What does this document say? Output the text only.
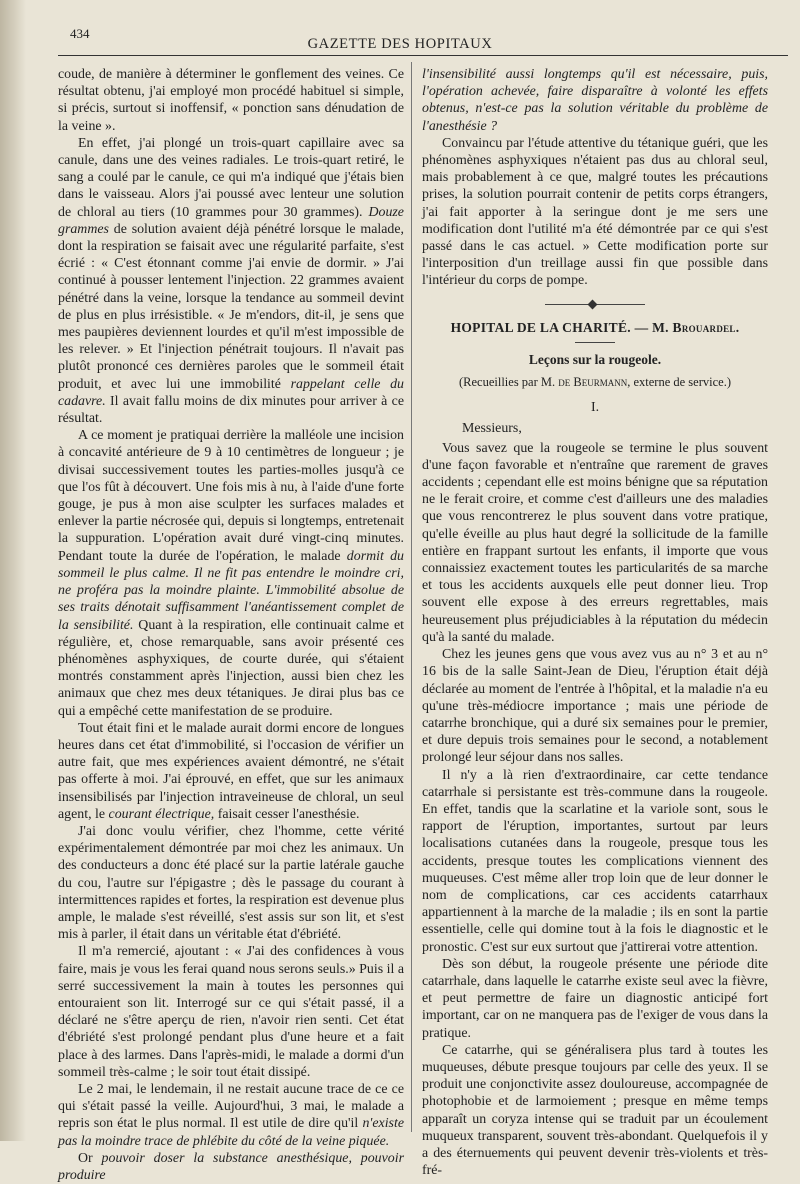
434
GAZETTE DES HOPITAUX

coude, de manière à déterminer le gonflement des veines. Ce résultat obtenu, j'ai employé mon procédé habituel si simple, si précis, surtout si inoffensif, « ponction sans dénudation de la veine ».

En effet, j'ai plongé un trois-quart capillaire avec sa canule, dans une des veines radiales. Le trois-quart retiré, le sang a coulé par le canule, ce qui m'a indiqué que j'étais bien dans le vaisseau. Alors j'ai poussé avec lenteur une solution de chloral au tiers (10 grammes pour 30 grammes). Douze grammes de solution avaient déjà pénétré lorsque le malade, dont la respiration se faisait avec une régularité parfaite, s'est écrié : « C'est étonnant comme j'ai envie de dormir. » J'ai continué à pousser lentement l'injection. 22 grammes avaient pénétré dans la veine, lorsque la tendance au sommeil devint de plus en plus irrésistible. « Je m'endors, dit-il, je sens que mes paupières deviennent lourdes et qu'il m'est impossible de les relever. » Et l'injection pénétrait toujours. Il n'avait pas plutôt prononcé ces dernières paroles que le sommeil était produit, et avec lui une immobilité rappelant celle du cadavre. Il avait fallu moins de dix minutes pour arriver à ce résultat.

A ce moment je pratiquai derrière la malléole une incision à concavité antérieure de 9 à 10 centimètres de longueur ; je divisai successivement toutes les parties-molles jusqu'à ce que l'os fût à découvert. Une fois mis à nu, à l'aide d'une forte gouge, je pus à mon aise sculpter les surfaces malades et enlever la partie nécrosée qui, depuis si longtemps, entretenait la suppuration. L'opération avait duré vingt-cinq minutes. Pendant toute la durée de l'opération, le malade dormit du sommeil le plus calme. Il ne fit pas entendre le moindre cri, ne proféra pas la moindre plainte. L'immobilité absolue de ses traits dénotait suffisamment l'anéantissement complet de la sensibilité. Quant à la respiration, elle continuait calme et régulière, et, chose remarquable, sans avoir présenté ces phénomènes asphyxiques, de courte durée, qui s'étaient montrés constamment après l'injection, aussi bien chez les animaux que chez mes deux tétaniques. Je dirai plus bas ce qui a empêché cette manifestation de se produire.

Tout était fini et le malade aurait dormi encore de longues heures dans cet état d'immobilité, si l'occasion de vérifier un autre fait, que mes expériences avaient démontré, ne s'était pas offerte à moi. J'ai éprouvé, en effet, que sur les animaux insensibilisés par l'injection intraveineuse de chloral, un seul agent, le courant électrique, faisait cesser l'anesthésie.

J'ai donc voulu vérifier, chez l'homme, cette vérité expérimentalement démontrée par moi chez les animaux. Un des conducteurs a donc été placé sur la partie latérale gauche du cou, l'autre sur l'épigastre ; dès le passage du courant à intermittences rapides et fortes, la respiration est devenue plus ample, le malade s'est réveillé, s'est assis sur son lit, et s'est mis à parler, il était dans un véritable état d'ébriété.

Il m'a remercié, ajoutant : « J'ai des confidences à vous faire, mais je vous les ferai quand nous serons seuls.» Puis il a serré successivement la main à toutes les personnes qui entouraient son lit. Interrogé sur ce qui s'était passé, il a déclaré ne s'être aperçu de rien, n'avoir rien senti. Cet état d'ébriété s'est prolongé pendant plus d'une heure et a fait place à des larmes. Dans l'après-midi, le malade a dormi d'un sommeil très-calme ; le soir tout était dissipé.

Le 2 mai, le lendemain, il ne restait aucune trace de ce ce qui s'était passé la veille. Aujourd'hui, 3 mai, le malade a repris son état le plus normal. Il est utile de dire qu'il n'existe pas la moindre trace de phlébite du côté de la veine piquée.

Or pouvoir doser la substance anesthésique, pouvoir produire

l'insensibilité aussi longtemps qu'il est nécessaire, puis, l'opération achevée, faire disparaître à volonté les effets obtenus, n'est-ce pas la solution véritable du problème de l'anesthésie ?

Convaincu par l'étude attentive du tétanique guéri, que les phénomènes asphyxiques n'étaient pas dus au chloral seul, mais probablement à ce que, malgré toutes les précautions prises, la solution pourrait contenir de petits corps étrangers, j'ai fait apporter à la seringue dont je me sers une modification dont l'utilité m'a été démontrée par ce qui s'est passé dans le cas actuel. » Cette modification porte sur l'interposition d'un treillage aussi fin que possible dans l'intérieur du corps de pompe.

HOPITAL DE LA CHARITÉ. — M. Brouardel.
Leçons sur la rougeole.
(Recueillies par M. de Beurmann, externe de service.)
I.

Messieurs,

Vous savez que la rougeole se termine le plus souvent d'une façon favorable et n'entraîne que rarement de graves accidents ; cependant elle est moins bénigne que sa réputation ne le ferait croire, et comme c'est d'ailleurs une des maladies que vous rencontrerez le plus souvent dans votre pratique, qu'elle éveille au plus haut degré la sollicitude de la famille entière en frappant surtout les enfants, il importe que vous connaissiez exactement toutes les particularités de sa marche et tous les accidents auxquels elle peut donner lieu. Trop souvent elle expose à des erreurs regrettables, mais heureusement plus préjudiciables à la réputation du médecin qu'à la santé du malade.

Chez les jeunes gens que vous avez vus au n° 3 et au n° 16 bis de la salle Saint-Jean de Dieu, l'éruption était déjà déclarée au moment de l'entrée à l'hôpital, et la maladie n'a eu qu'une très-médiocre importance ; mais une période de catarrhe bronchique, qui a duré six semaines pour le premier, et dure depuis trois semaines pour le second, a notablement prolongé leur séjour dans nos salles.

Il n'y a là rien d'extraordinaire, car cette tendance catarrhale si persistante est très-commune dans la rougeole. En effet, tandis que la scarlatine et la variole sont, sous le rapport de l'éruption, importantes, surtout par leurs localisations cutanées dans la rougeole, presque tous les accidents, presque toutes les complications viennent des muqueuses. C'est même aller trop loin que de leur donner le nom de complications, car ces accidents catarrhaux appartiennent à la marche de la maladie ; ils en sont la partie essentielle, celle qui domine tout à la fois le diagnostic et le pronostic. C'est sur eux surtout que j'attirerai votre attention.

Dès son début, la rougeole présente une période dite catarrhale, dans laquelle le catarrhe existe seul avec la fièvre, et peut permettre de faire un diagnostic anticipé fort important, car on ne manquera pas de l'exiger de vous dans la pratique.

Ce catarrhe, qui se généralisera plus tard à toutes les muqueuses, débute presque toujours par celle des yeux. Il se produit une conjonctivite assez douloureuse, accompagnée de photophobie et de larmoiement ; presque en même temps apparaît un coryza intense qui se traduit par un écoulement muqueux transparent, souvent très-abondant. Quelquefois il y a des éternuements qui peuvent devenir très-violents et très-fré-
